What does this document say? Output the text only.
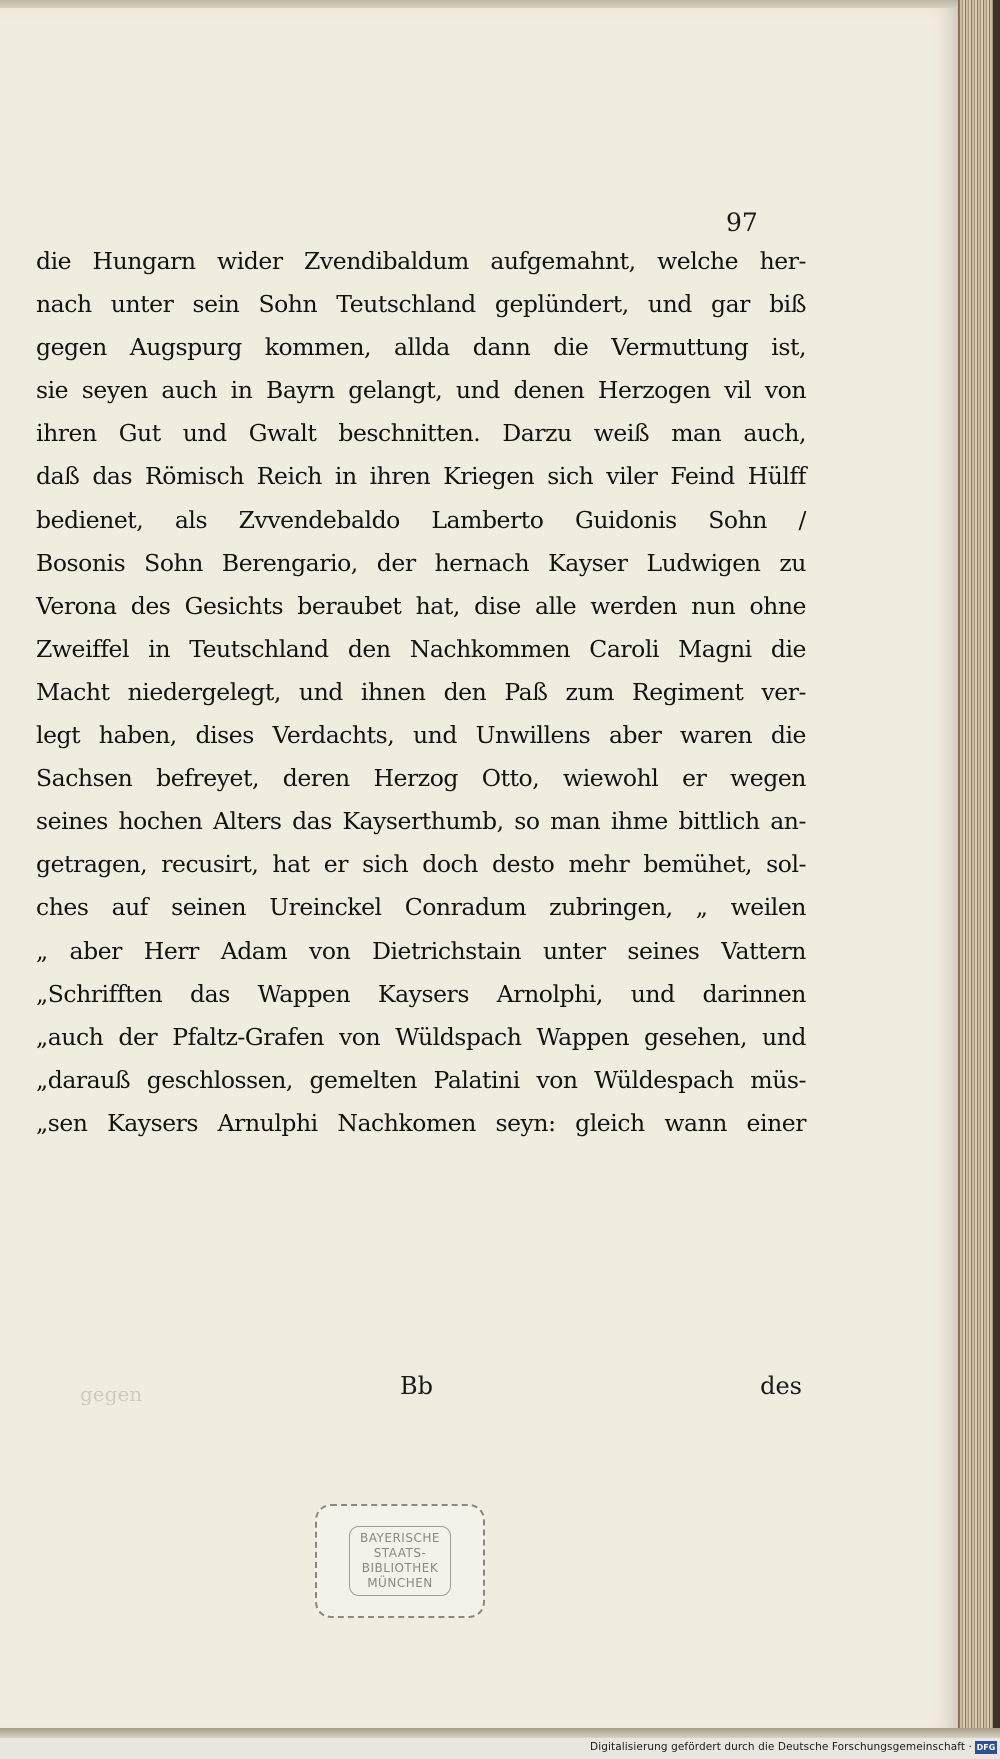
97
die Hungarn wider Zvendibaldum aufgemahnt, welche her-
nach unter sein Sohn Teutschland geplündert, und gar biß
gegen Augspurg kommen, allda dann die Vermuttung ist,
sie seyen auch in Bayrn gelangt, und denen Herzogen vil von
ihren Gut und Gwalt beschnitten. Darzu weiß man auch,
daß das Römisch Reich in ihren Kriegen sich viler Feind Hülff
bedienet, als Zvvendebaldo Lamberto Guidonis Sohn /
Bosonis Sohn Berengario, der hernach Kayser Ludwigen zu
Verona des Gesichts beraubet hat, dise alle werden nun ohne
Zweiffel in Teutschland den Nachkommen Caroli Magni die
Macht niedergelegt, und ihnen den Paß zum Regiment ver-
legt haben, dises Verdachts, und Unwillens aber waren die
Sachsen befreyet, deren Herzog Otto, wiewohl er wegen
seines hochen Alters das Kayserthumb, so man ihme bittlich an-
getragen, recusirt, hat er sich doch desto mehr bemühet, sol-
ches auf seinen Ureinckel Conradum zubringen, „ weilen
„ aber Herr Adam von Dietrichstain unter seines Vattern
„Schrifften das Wappen Kaysers Arnolphi, und darinnen
„auch der Pfaltz-Grafen von Wüldspach Wappen gesehen, und
„darauß geschlossen, gemelten Palatini von Wüldespach müs-
„sen Kaysers Arnulphi Nachkomen seyn: gleich wann einer
gegen	Bb	des
BAYERISCHE
STAATS-
BIBLIOTHEK
MÜNCHEN
Digitalisierung gefördert durch die Deutsche Forschungsgemeinschaft · DFG
